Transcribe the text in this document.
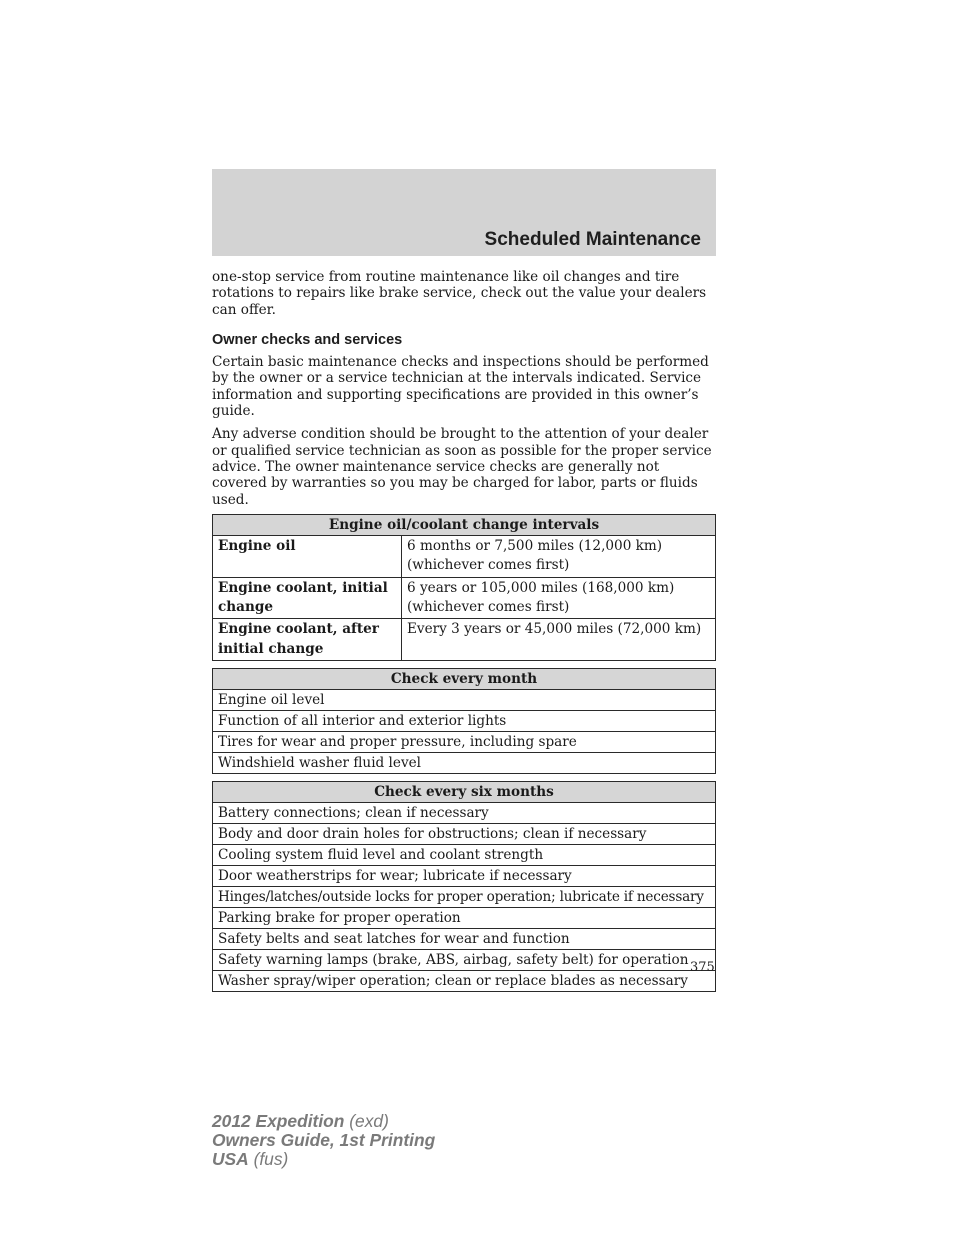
Scheduled Maintenance

one-stop service from routine maintenance like oil changes and tire rotations to repairs like brake service, check out the value your dealers can offer.

Owner checks and services

Certain basic maintenance checks and inspections should be performed by the owner or a service technician at the intervals indicated. Service information and supporting specifications are provided in this owner’s guide.

Any adverse condition should be brought to the attention of your dealer or qualified service technician as soon as possible for the proper service advice. The owner maintenance service checks are generally not covered by warranties so you may be charged for labor, parts or fluids used.

Engine oil/coolant change intervals	
Engine oil	6 months or 7,500 miles (12,000 km) (whichever comes first)
Engine coolant, initial change	6 years or 105,000 miles (168,000 km) (whichever comes first)
Engine coolant, after initial change	Every 3 years or 45,000 miles (72,000 km)
Check every month
Engine oil level
Function of all interior and exterior lights
Tires for wear and proper pressure, including spare
Windshield washer fluid level
Check every six months
Battery connections; clean if necessary
Body and door drain holes for obstructions; clean if necessary
Cooling system fluid level and coolant strength
Door weatherstrips for wear; lubricate if necessary
Hinges/latches/outside locks for proper operation; lubricate if necessary
Parking brake for proper operation
Safety belts and seat latches for wear and function
Safety warning lamps (brake, ABS, airbag, safety belt) for operation
Washer spray/wiper operation; clean or replace blades as necessary
375
2012 Expedition (exd)
Owners Guide, 1st Printing
USA (fus)
